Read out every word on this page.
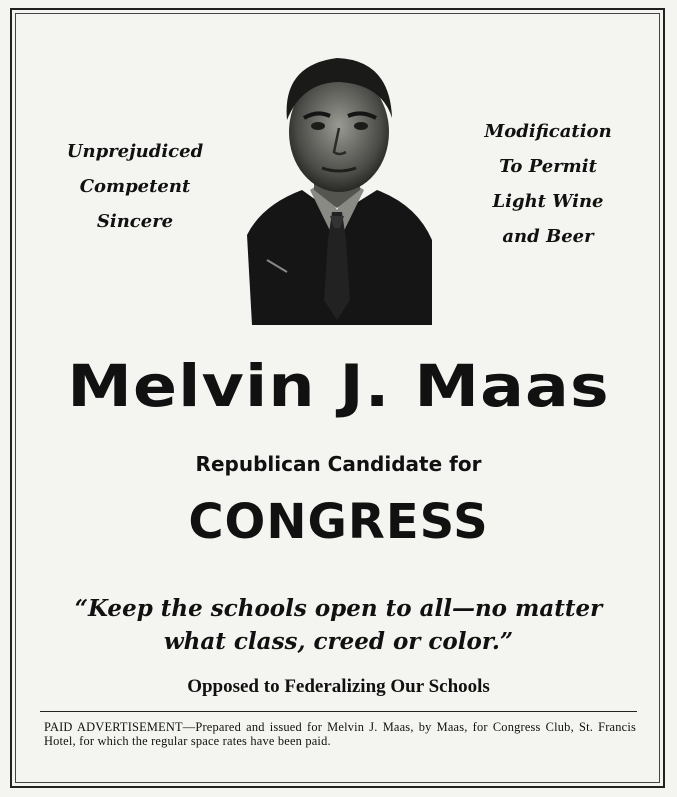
Unprejudiced
Competent
Sincere
Modification
To Permit
Light Wine
and Beer
Melvin J. Maas
Republican Candidate for
CONGRESS
“Keep the schools open to all—no matter
what class, creed or color.”
Opposed to Federalizing Our Schools
PAID ADVERTISEMENT—Prepared and issued for Melvin J. Maas, by Maas, for Congress Club, St. Francis Hotel, for which the regular space rates have been paid.
